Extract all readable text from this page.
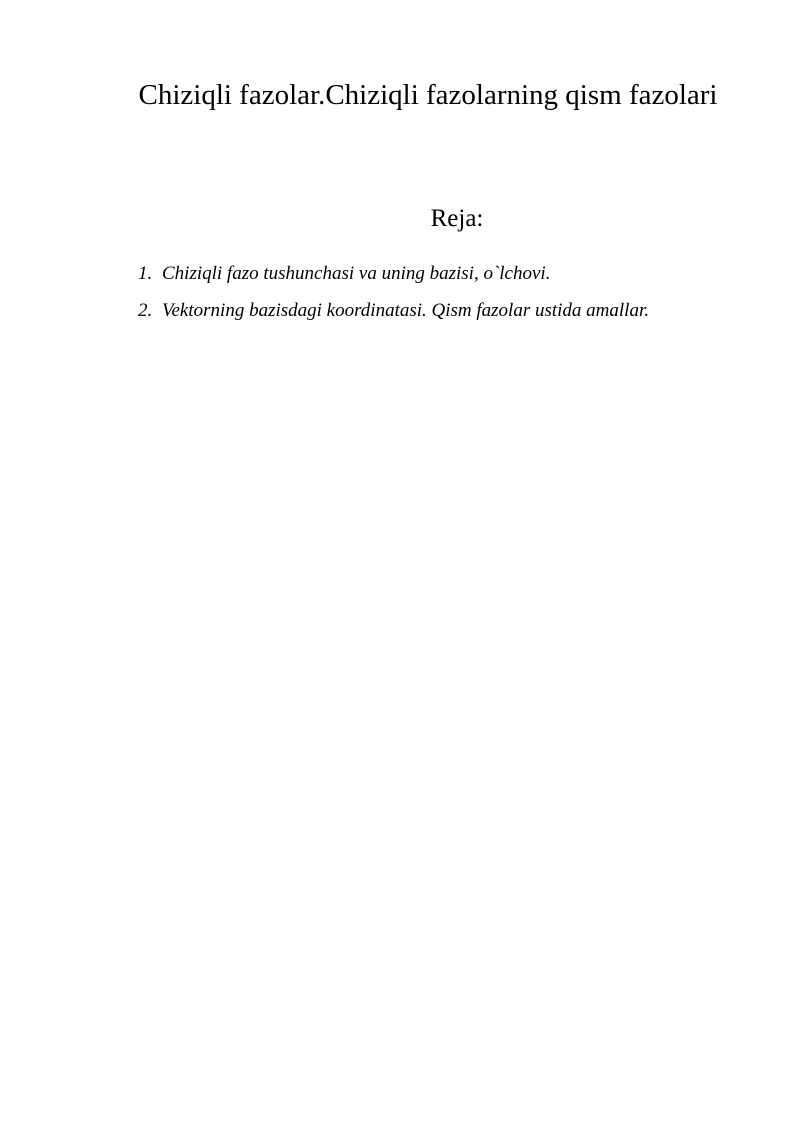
Chiziqli fazolar.Chiziqli fazolarning qism fazolari
Reja:
1. Chiziqli fazo tushunchasi va uning bazisi, o`lchovi.
2. Vektorning bazisdagi koordinatasi. Qism fazolar ustida amallar.
